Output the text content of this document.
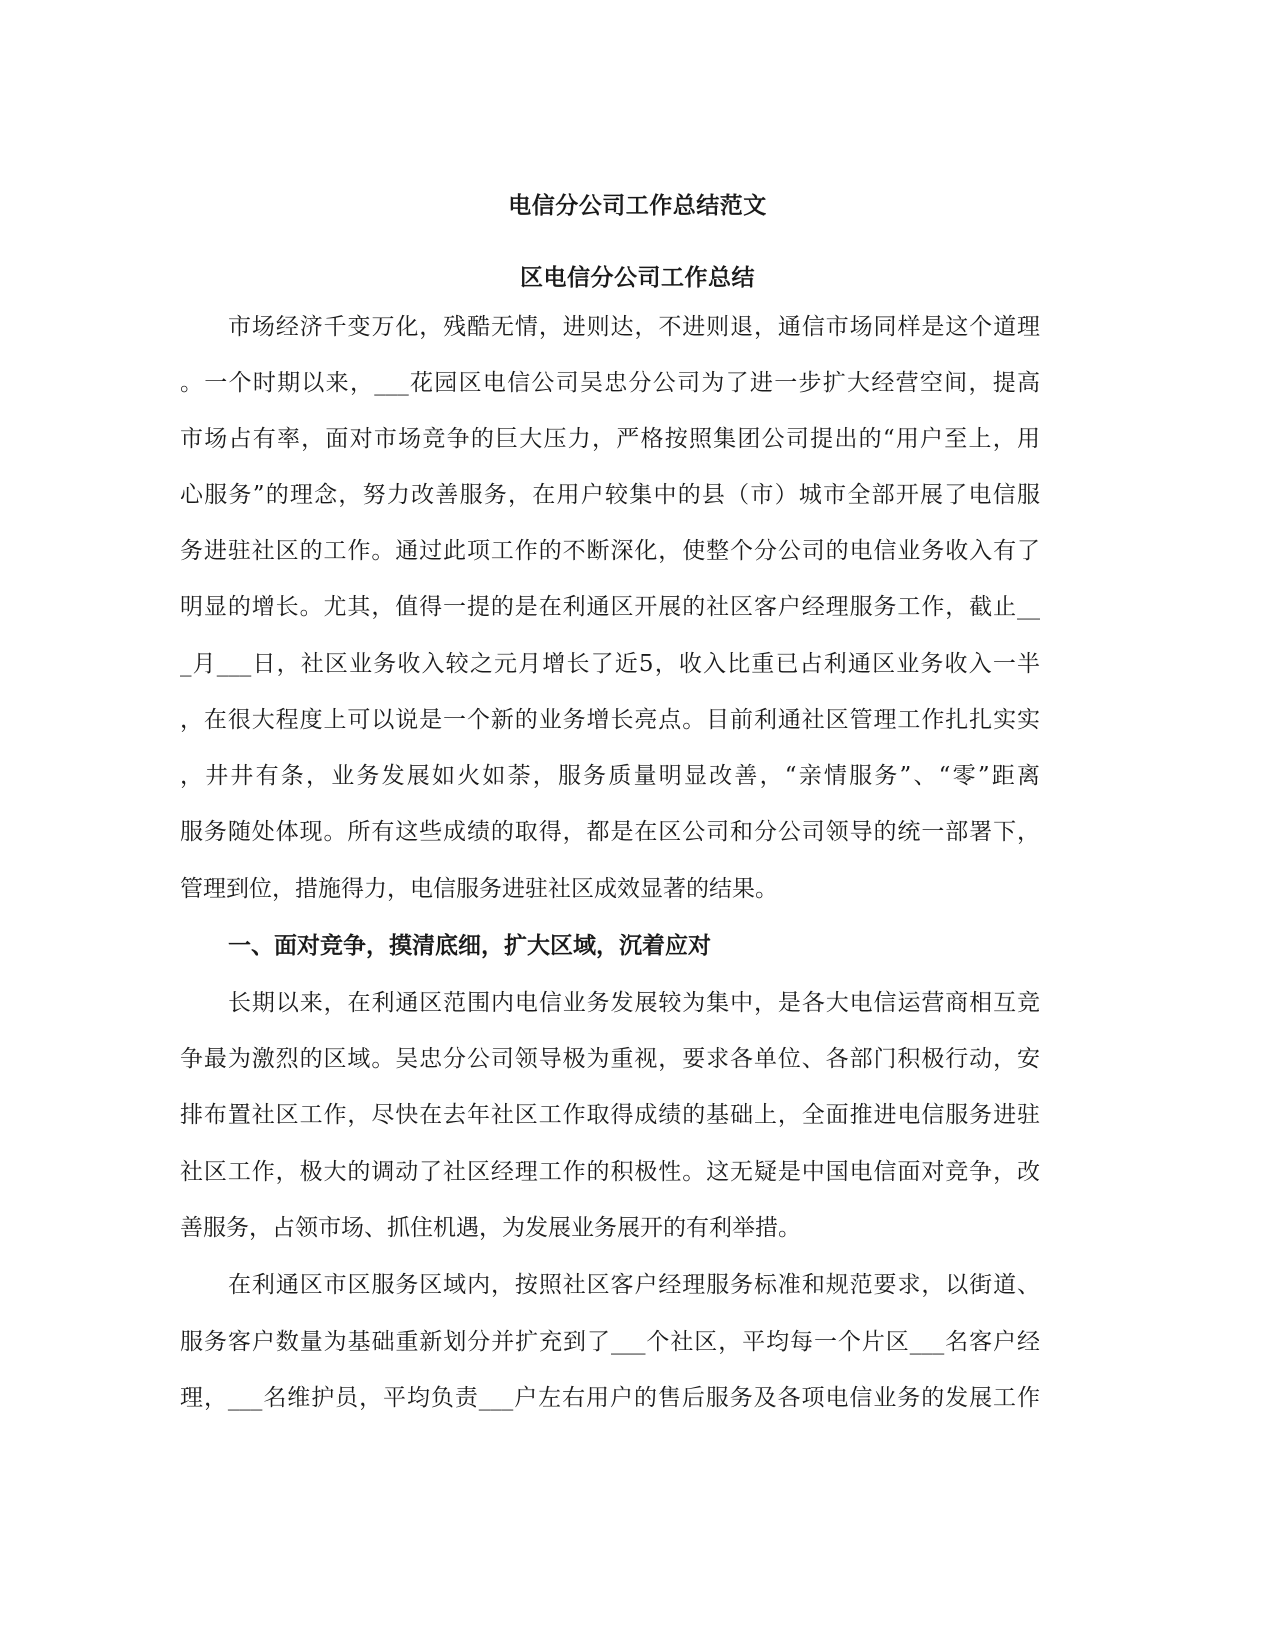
电信分公司工作总结范文
区电信分公司工作总结
市场经济千变万化，残酷无情，进则达，不进则退，通信市场同样是这个道理
。一个时期以来，___花园区电信公司吴忠分公司为了进一步扩大经营空间，提高
市场占有率，面对市场竞争的巨大压力，严格按照集团公司提出的“用户至上，用
心服务”的理念，努力改善服务，在用户较集中的县（市）城市全部开展了电信服
务进驻社区的工作。通过此项工作的不断深化，使整个分公司的电信业务收入有了
明显的增长。尤其，值得一提的是在利通区开展的社区客户经理服务工作，截止__
_月___日，社区业务收入较之元月增长了近5，收入比重已占利通区业务收入一半
，在很大程度上可以说是一个新的业务增长亮点。目前利通社区管理工作扎扎实实
，井井有条，业务发展如火如荼，服务质量明显改善，“亲情服务”、“零”距离
服务随处体现。所有这些成绩的取得，都是在区公司和分公司领导的统一部署下，
管理到位，措施得力，电信服务进驻社区成效显著的结果。
一、面对竞争，摸清底细，扩大区域，沉着应对
长期以来，在利通区范围内电信业务发展较为集中，是各大电信运营商相互竞
争最为激烈的区域。吴忠分公司领导极为重视，要求各单位、各部门积极行动，安
排布置社区工作，尽快在去年社区工作取得成绩的基础上，全面推进电信服务进驻
社区工作，极大的调动了社区经理工作的积极性。这无疑是中国电信面对竞争，改
善服务，占领市场、抓住机遇，为发展业务展开的有利举措。
在利通区市区服务区域内，按照社区客户经理服务标准和规范要求，以街道、
服务客户数量为基础重新划分并扩充到了___个社区，平均每一个片区___名客户经
理，___名维护员，平均负责___户左右用户的售后服务及各项电信业务的发展工作
